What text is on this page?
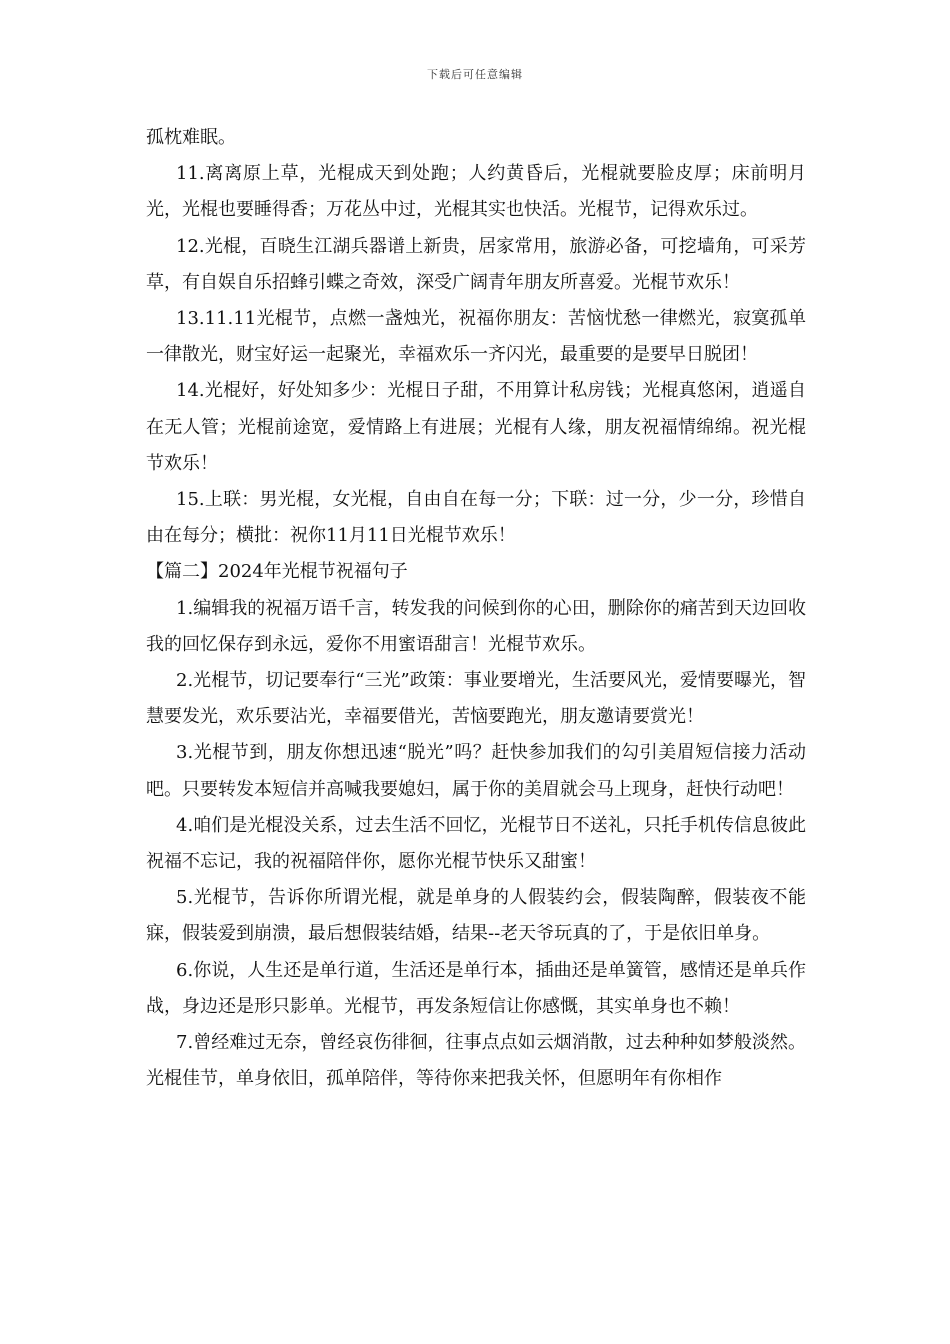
下载后可任意编辑

孤枕难眠。

11.离离原上草，光棍成天到处跑；人约黄昏后，光棍就要脸皮厚；床前明月光，光棍也要睡得香；万花丛中过，光棍其实也快活。光棍节，记得欢乐过。

12.光棍，百晓生江湖兵器谱上新贵，居家常用，旅游必备，可挖墙角，可采芳草，有自娱自乐招蜂引蝶之奇效，深受广阔青年朋友所喜爱。光棍节欢乐！

13.11.11光棍节，点燃一盏烛光，祝福你朋友：苦恼忧愁一律燃光，寂寞孤单一律散光，财宝好运一起聚光，幸福欢乐一齐闪光，最重要的是要早日脱团！

14.光棍好，好处知多少：光棍日子甜，不用算计私房钱；光棍真悠闲，逍遥自在无人管；光棍前途宽，爱情路上有进展；光棍有人缘，朋友祝福情绵绵。祝光棍节欢乐！

15.上联：男光棍，女光棍，自由自在每一分；下联：过一分，少一分，珍惜自由在每分；横批：祝你11月11日光棍节欢乐！

【篇二】2024年光棍节祝福句子

1.编辑我的祝福万语千言，转发我的问候到你的心田，删除你的痛苦到天边回收我的回忆保存到永远，爱你不用蜜语甜言！光棍节欢乐。

2.光棍节，切记要奉行“三光”政策：事业要增光，生活要风光，爱情要曝光，智慧要发光，欢乐要沾光，幸福要借光，苦恼要跑光，朋友邀请要赏光！

3.光棍节到，朋友你想迅速“脱光”吗？赶快参加我们的勾引美眉短信接力活动吧。只要转发本短信并高喊我要媳妇，属于你的美眉就会马上现身，赶快行动吧！

4.咱们是光棍没关系，过去生活不回忆，光棍节日不送礼，只托手机传信息彼此祝福不忘记，我的祝福陪伴你，愿你光棍节快乐又甜蜜！

5.光棍节，告诉你所谓光棍，就是单身的人假装约会，假装陶醉，假装夜不能寐，假装爱到崩溃，最后想假装结婚，结果--老天爷玩真的了，于是依旧单身。

6.你说，人生还是单行道，生活还是单行本，插曲还是单簧管，感情还是单兵作战，身边还是形只影单。光棍节，再发条短信让你感慨，其实单身也不赖！

7.曾经难过无奈，曾经哀伤徘徊，往事点点如云烟消散，过去种种如梦般淡然。光棍佳节，单身依旧，孤单陪伴，等待你来把我关怀，但愿明年有你相作
